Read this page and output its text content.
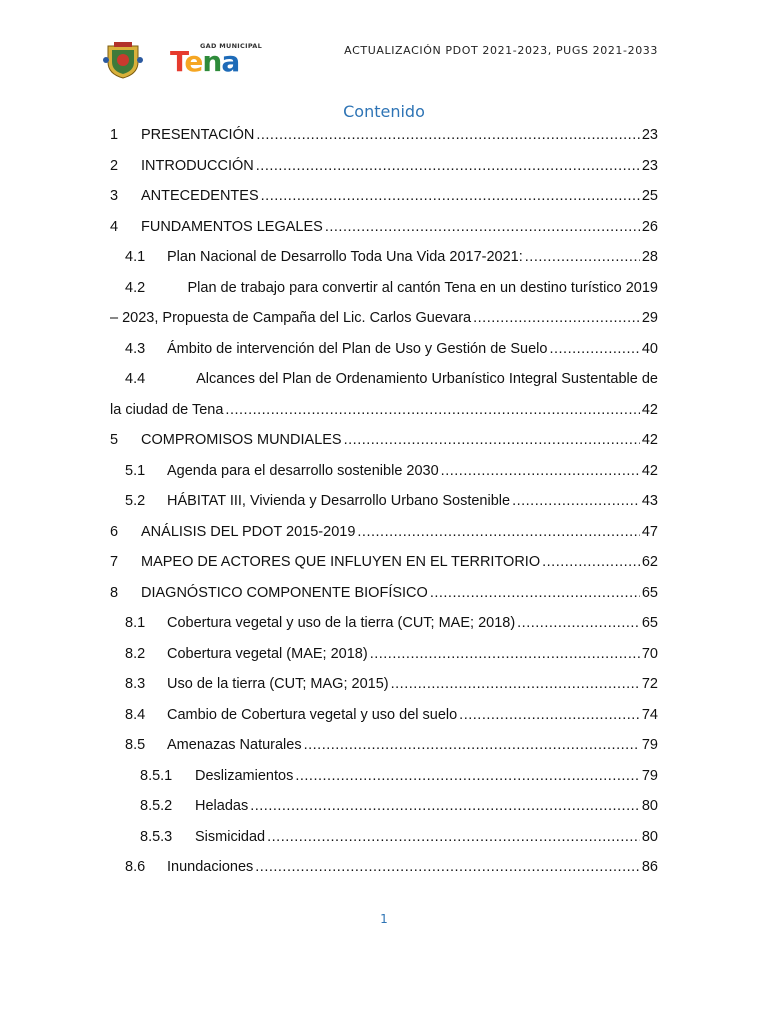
GAD MUNICIPAL
Tena	ACTUALIZACIÓN PDOT 2021-2023, PUGS 2021-2033
Contenido
1	PRESENTACIÓN .....	23
2	INTRODUCCIÓN .....	23
3	ANTECEDENTES .....	25
4	FUNDAMENTOS LEGALES .....	26
4.1	Plan Nacional de Desarrollo Toda Una Vida 2017-2021: .....	28
4.2	Plan de trabajo para convertir al cantón Tena en un destino turístico 2019
– 2023, Propuesta de Campaña del Lic. Carlos Guevara .....	29
4.3	Ámbito de intervención del Plan de Uso y Gestión de Suelo .....	40
4.4	Alcances del Plan de Ordenamiento Urbanístico Integral Sustentable de
la ciudad de Tena .....	42
5	COMPROMISOS MUNDIALES .....	42
5.1	Agenda para el desarrollo sostenible 2030 .....	42
5.2	HÁBITAT III, Vivienda y Desarrollo Urbano Sostenible .....	43
6	ANÁLISIS DEL PDOT 2015-2019 .....	47
7	MAPEO DE ACTORES QUE INFLUYEN EN EL TERRITORIO .....	62
8	DIAGNÓSTICO COMPONENTE BIOFÍSICO .....	65
8.1	Cobertura vegetal y uso de la tierra (CUT; MAE; 2018) .....	65
8.2	Cobertura vegetal (MAE; 2018) .....	70
8.3	Uso de la tierra (CUT; MAG; 2015) .....	72
8.4	Cambio de Cobertura vegetal y uso del suelo .....	74
8.5	Amenazas Naturales .....	79
8.5.1	Deslizamientos .....	79
8.5.2	Heladas .....	80
8.5.3	Sismicidad .....	80
8.6	Inundaciones .....	86
1
